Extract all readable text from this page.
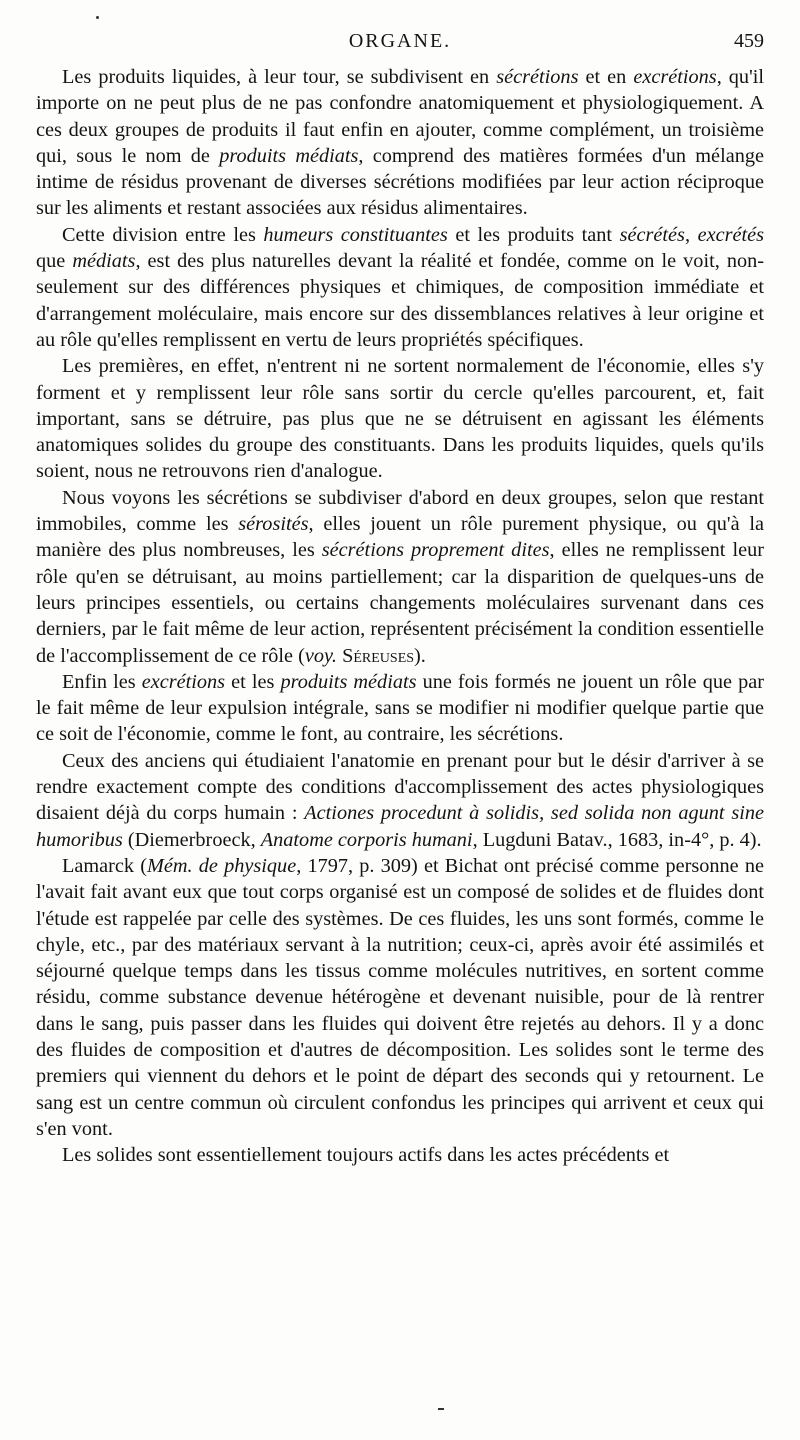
ORGANE.	459

Les produits liquides, à leur tour, se subdivisent en sécrétions et en excrétions, qu'il importe on ne peut plus de ne pas confondre anatomiquement et physiologiquement. A ces deux groupes de produits il faut enfin en ajouter, comme complément, un troisième qui, sous le nom de produits médiats, comprend des matières formées d'un mélange intime de résidus provenant de diverses sécrétions modifiées par leur action réciproque sur les aliments et restant associées aux résidus alimentaires.

Cette division entre les humeurs constituantes et les produits tant sécrétés, excrétés que médiats, est des plus naturelles devant la réalité et fondée, comme on le voit, non-seulement sur des différences physiques et chimiques, de composition immédiate et d'arrangement moléculaire, mais encore sur des dissemblances relatives à leur origine et au rôle qu'elles remplissent en vertu de leurs propriétés spécifiques.

Les premières, en effet, n'entrent ni ne sortent normalement de l'économie, elles s'y forment et y remplissent leur rôle sans sortir du cercle qu'elles parcourent, et, fait important, sans se détruire, pas plus que ne se détruisent en agissant les éléments anatomiques solides du groupe des constituants. Dans les produits liquides, quels qu'ils soient, nous ne retrouvons rien d'analogue.

Nous voyons les sécrétions se subdiviser d'abord en deux groupes, selon que restant immobiles, comme les sérosités, elles jouent un rôle purement physique, ou qu'à la manière des plus nombreuses, les sécrétions proprement dites, elles ne remplissent leur rôle qu'en se détruisant, au moins partiellement; car la disparition de quelques-uns de leurs principes essentiels, ou certains changements moléculaires survenant dans ces derniers, par le fait même de leur action, représentent précisément la condition essentielle de l'accomplissement de ce rôle (voy. Séreuses).

Enfin les excrétions et les produits médiats une fois formés ne jouent un rôle que par le fait même de leur expulsion intégrale, sans se modifier ni modifier quelque partie que ce soit de l'économie, comme le font, au contraire, les sécrétions.

Ceux des anciens qui étudiaient l'anatomie en prenant pour but le désir d'arriver à se rendre exactement compte des conditions d'accomplissement des actes physiologiques disaient déjà du corps humain : Actiones procedunt à solidis, sed solida non agunt sine humoribus (Diemerbroeck, Anatome corporis humani, Lugduni Batav., 1683, in-4°, p. 4).

Lamarck (Mém. de physique, 1797, p. 309) et Bichat ont précisé comme personne ne l'avait fait avant eux que tout corps organisé est un composé de solides et de fluides dont l'étude est rappelée par celle des systèmes. De ces fluides, les uns sont formés, comme le chyle, etc., par des matériaux servant à la nutrition; ceux-ci, après avoir été assimilés et séjourné quelque temps dans les tissus comme molécules nutritives, en sortent comme résidu, comme substance devenue hétérogène et devenant nuisible, pour de là rentrer dans le sang, puis passer dans les fluides qui doivent être rejetés au dehors. Il y a donc des fluides de composition et d'autres de décomposition. Les solides sont le terme des premiers qui viennent du dehors et le point de départ des seconds qui y retournent. Le sang est un centre commun où circulent confondus les principes qui arrivent et ceux qui s'en vont.

Les solides sont essentiellement toujours actifs dans les actes précédents et
